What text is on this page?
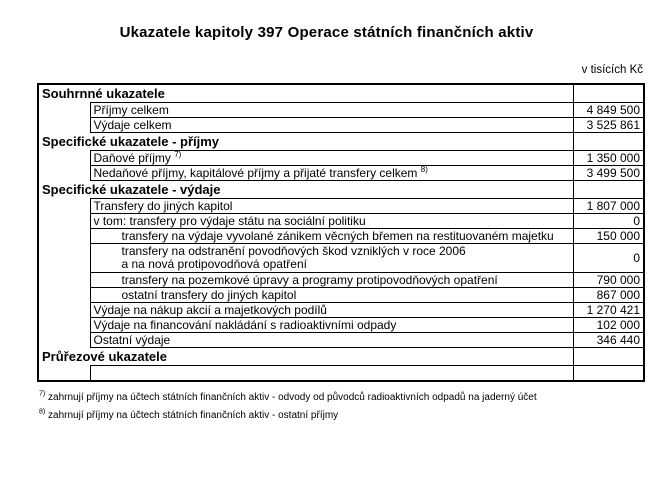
Ukazatele kapitoly 397 Operace státních finančních aktiv
v tisících Kč
Souhrnné ukazatele		
	Příjmy celkem	4 849 500
	Výdaje celkem	3 525 861
Specifické ukazatele - příjmy		
	Daňové příjmy $^{7)}$	1 350 000
	Nedaňové příjmy, kapitálové příjmy a přijaté transfery celkem $^{8)}$	3 499 500
Specifické ukazatele - výdaje		
	Transfery do jiných kapitol	1 807 000
	v tom: transfery pro výdaje státu na sociální politiku	0
	transfery na výdaje vyvolané zánikem věcných břemen na restituovaném majetku	150 000

	transfery na odstranění povodňových škod vzniklých v roce 2006
a na nová protipovodňová opatření	0
	transfery na pozemkové úpravy a programy protipovodňových opatření	790 000
	ostatní transfery do jiných kapitol	867 000
	Výdaje na nákup akcií a majetkových podílů	1 270 421
	Výdaje na financování nakládání s radioaktivními odpady	102 000
	Ostatní výdaje	346 440
Průřezové ukazatele		

$^{7)}$ zahrnují příjmy na účtech státních finančních aktiv - odvody od původců radioaktivních odpadů na jaderný účet
$^{8)}$ zahrnují příjmy na účtech státních finančních aktiv - ostatní příjmy
